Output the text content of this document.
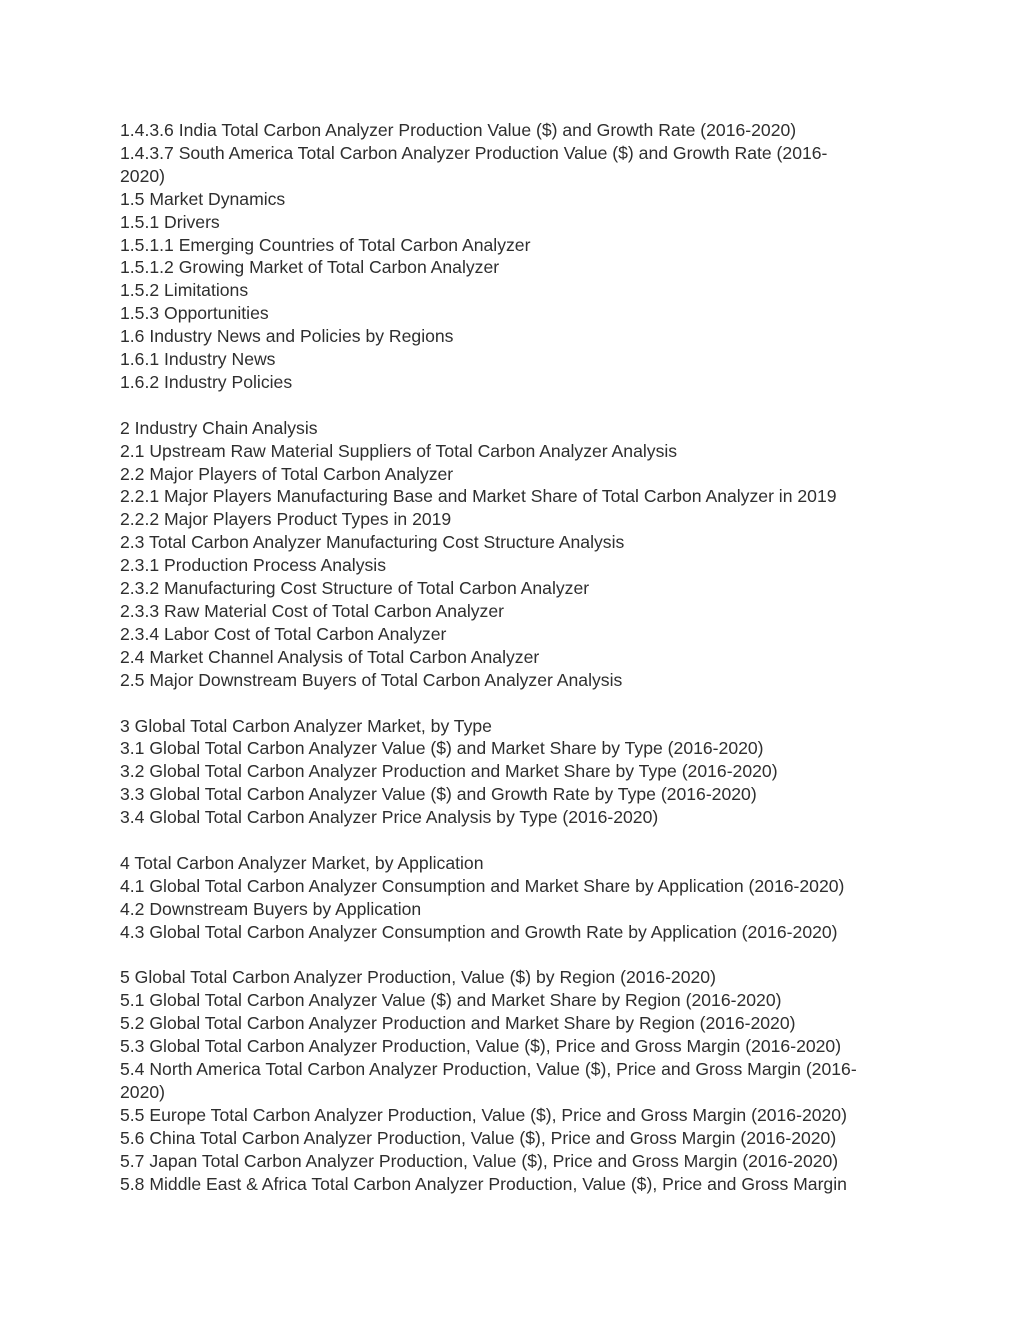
1.4.3.6 India Total Carbon Analyzer Production Value ($) and Growth Rate (2016-2020)
1.4.3.7 South America Total Carbon Analyzer Production Value ($) and Growth Rate (2016-
2020)
1.5 Market Dynamics
1.5.1 Drivers
1.5.1.1 Emerging Countries of Total Carbon Analyzer
1.5.1.2 Growing Market of Total Carbon Analyzer
1.5.2 Limitations
1.5.3 Opportunities
1.6 Industry News and Policies by Regions
1.6.1 Industry News
1.6.2 Industry Policies
2 Industry Chain Analysis
2.1 Upstream Raw Material Suppliers of Total Carbon Analyzer Analysis
2.2 Major Players of Total Carbon Analyzer
2.2.1 Major Players Manufacturing Base and Market Share of Total Carbon Analyzer in 2019
2.2.2 Major Players Product Types in 2019
2.3 Total Carbon Analyzer Manufacturing Cost Structure Analysis
2.3.1 Production Process Analysis
2.3.2 Manufacturing Cost Structure of Total Carbon Analyzer
2.3.3 Raw Material Cost of Total Carbon Analyzer
2.3.4 Labor Cost of Total Carbon Analyzer
2.4 Market Channel Analysis of Total Carbon Analyzer
2.5 Major Downstream Buyers of Total Carbon Analyzer Analysis
3 Global Total Carbon Analyzer Market, by Type
3.1 Global Total Carbon Analyzer Value ($) and Market Share by Type (2016-2020)
3.2 Global Total Carbon Analyzer Production and Market Share by Type (2016-2020)
3.3 Global Total Carbon Analyzer Value ($) and Growth Rate by Type (2016-2020)
3.4 Global Total Carbon Analyzer Price Analysis by Type (2016-2020)
4 Total Carbon Analyzer Market, by Application
4.1 Global Total Carbon Analyzer Consumption and Market Share by Application (2016-2020)
4.2 Downstream Buyers by Application
4.3 Global Total Carbon Analyzer Consumption and Growth Rate by Application (2016-2020)
5 Global Total Carbon Analyzer Production, Value ($) by Region (2016-2020)
5.1 Global Total Carbon Analyzer Value ($) and Market Share by Region (2016-2020)
5.2 Global Total Carbon Analyzer Production and Market Share by Region (2016-2020)
5.3 Global Total Carbon Analyzer Production, Value ($), Price and Gross Margin (2016-2020)
5.4 North America Total Carbon Analyzer Production, Value ($), Price and Gross Margin (2016-
2020)
5.5 Europe Total Carbon Analyzer Production, Value ($), Price and Gross Margin (2016-2020)
5.6 China Total Carbon Analyzer Production, Value ($), Price and Gross Margin (2016-2020)
5.7 Japan Total Carbon Analyzer Production, Value ($), Price and Gross Margin (2016-2020)
5.8 Middle East & Africa Total Carbon Analyzer Production, Value ($), Price and Gross Margin
